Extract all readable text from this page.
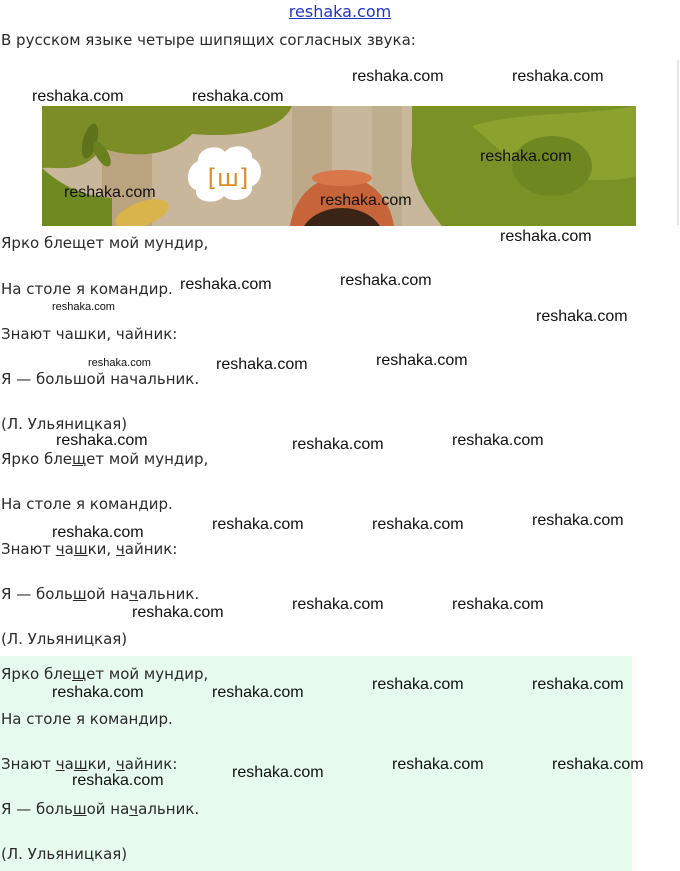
reshaka.com
В русском языке четыре шипящих согласных звука:
[ш]
Ярко блещет мой мундир,
На столе я командир.
Знают чашки, чайник:
Я — большой начальник.
(Л. Ульяницкая)
Ярко блещет мой мундир,
На столе я командир.
Знают чашки, чайник:
Я — большой начальник.
(Л. Ульяницкая)
Ярко блещет мой мундир,
На столе я командир.
Знают чашки, чайник:
Я — большой начальник.
(Л. Ульяницкая)
reshaka.com	reshaka.com
reshaka.com	reshaka.com
reshaka.com
reshaka.com	reshaka.com
reshaka.com
reshaka.com	reshaka.com
reshaka.com
reshaka.com
reshaka.com	reshaka.com	reshaka.com
reshaka.com	reshaka.com	reshaka.com
reshaka.com	reshaka.com	reshaka.com	reshaka.com
reshaka.com	reshaka.com	reshaka.com
reshaka.com	reshaka.com	reshaka.com	reshaka.com
reshaka.com	reshaka.com	reshaka.com	reshaka.com
